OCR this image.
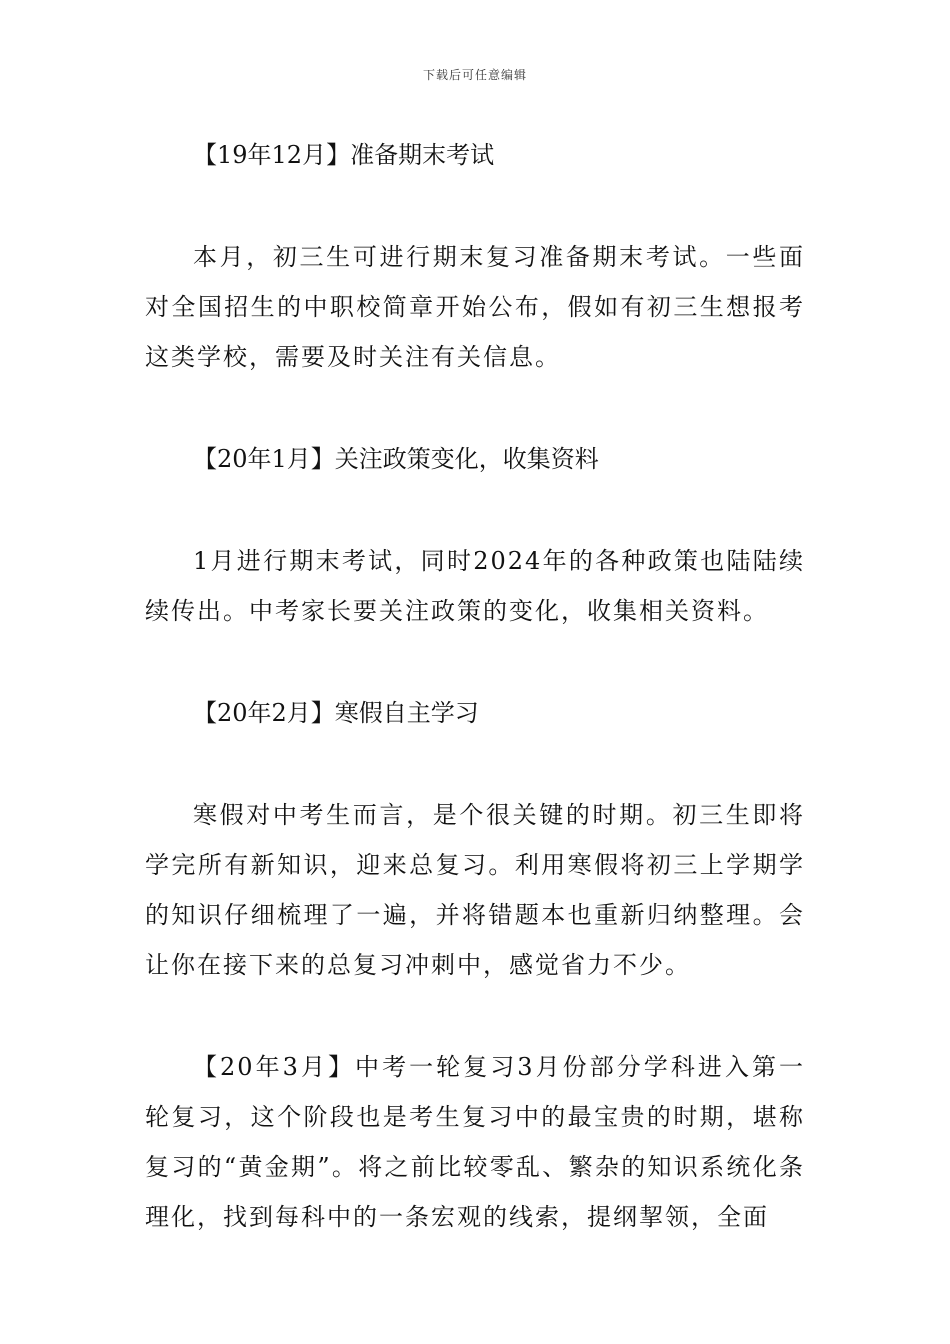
下载后可任意编辑

【19年12月】准备期末考试

本月，初三生可进行期末复习准备期末考试。一些面对全国招生的中职校简章开始公布，假如有初三生想报考这类学校，需要及时关注有关信息。

【20年1月】关注政策变化，收集资料

1月进行期末考试，同时2024年的各种政策也陆陆续续传出。中考家长要关注政策的变化，收集相关资料。

【20年2月】寒假自主学习

寒假对中考生而言，是个很关键的时期。初三生即将学完所有新知识，迎来总复习。利用寒假将初三上学期学的知识仔细梳理了一遍，并将错题本也重新归纳整理。会让你在接下来的总复习冲刺中，感觉省力不少。

【20年3月】中考一轮复习3月份部分学科进入第一轮复习，这个阶段也是考生复习中的最宝贵的时期，堪称复习的“黄金期”。将之前比较零乱、繁杂的知识系统化条理化，找到每科中的一条宏观的线索，提纲挈领，全面
